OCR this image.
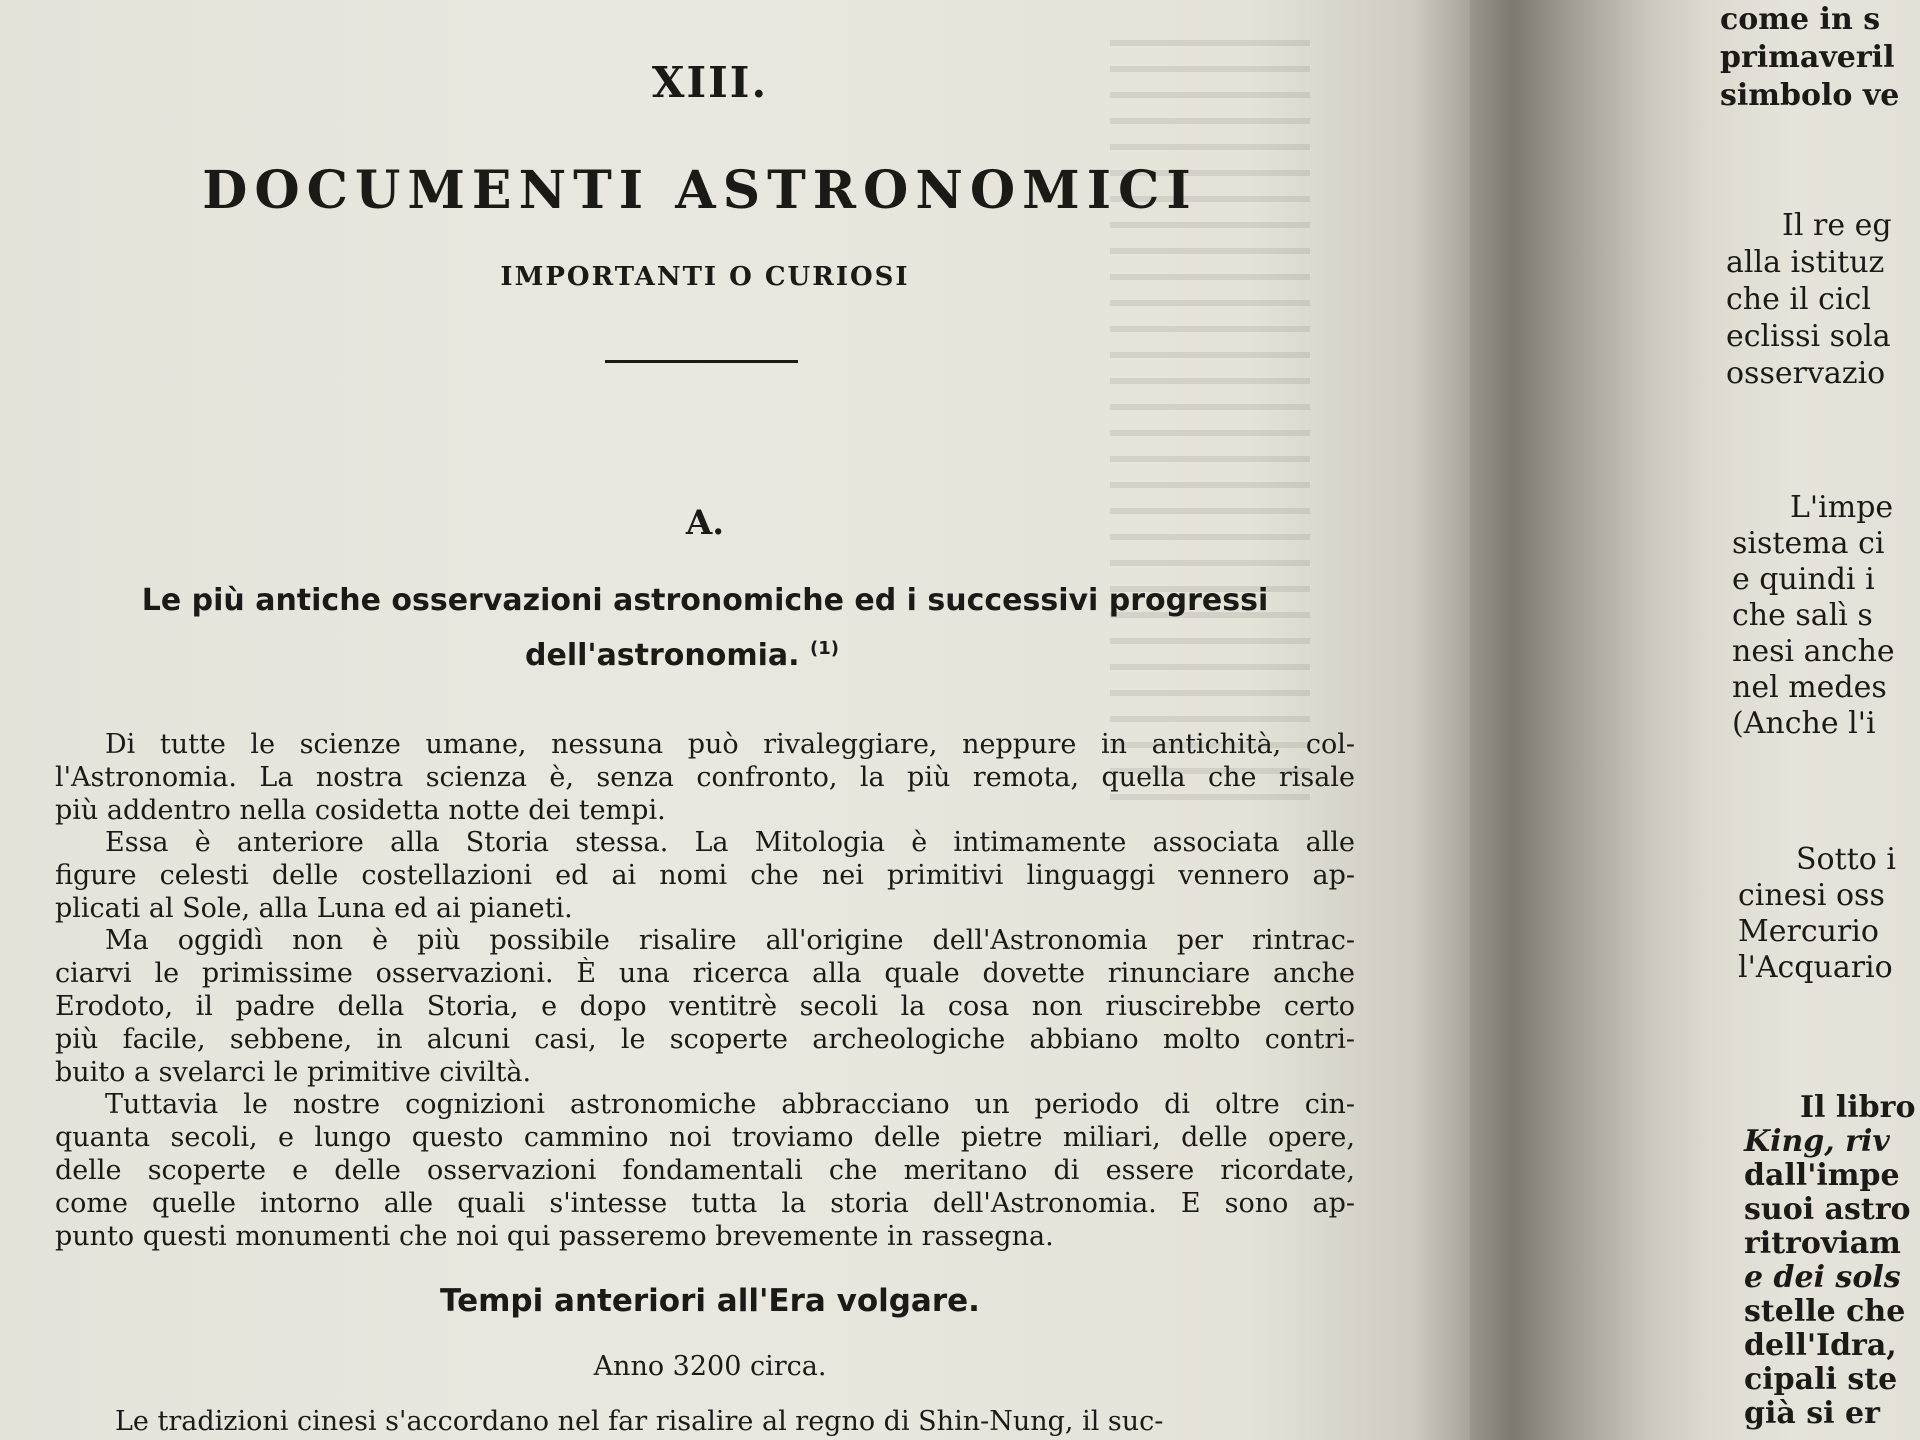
XIII.
DOCUMENTI ASTRONOMICI
IMPORTANTI O CURIOSI
A.
Le più antiche osservazioni astronomiche ed i successivi progressi
dell'astronomia. $^{(1)}$
Di tutte le scienze umane, nessuna può rivaleggiare, neppure in antichità, col-
l'Astronomia. La nostra scienza è, senza confronto, la più remota, quella che risale
più addentro nella cosidetta notte dei tempi.
Essa è anteriore alla Storia stessa. La Mitologia è intimamente associata alle
figure celesti delle costellazioni ed ai nomi che nei primitivi linguaggi vennero ap-
plicati al Sole, alla Luna ed ai pianeti.
Ma oggidì non è più possibile risalire all'origine dell'Astronomia per rintrac-
ciarvi le primissime osservazioni. È una ricerca alla quale dovette rinunciare anche
Erodoto, il padre della Storia, e dopo ventitrè secoli la cosa non riuscirebbe certo
più facile, sebbene, in alcuni casi, le scoperte archeologiche abbiano molto contri-
buito a svelarci le primitive civiltà.
Tuttavia le nostre cognizioni astronomiche abbracciano un periodo di oltre cin-
quanta secoli, e lungo questo cammino noi troviamo delle pietre miliari, delle opere,
delle scoperte e delle osservazioni fondamentali che meritano di essere ricordate,
come quelle intorno alle quali s'intesse tutta la storia dell'Astronomia. E sono ap-
punto questi monumenti che noi qui passeremo brevemente in rassegna.
Tempi anteriori all'Era volgare.
Anno 3200 circa.
Le tradizioni cinesi s'accordano nel far risalire al regno di Shin-Nung, il suc-
come in s
primaveril
simbolo ve
Il re eg
alla istituz
che il cicl
eclissi sola
osservazio
L'impe
sistema ci
e quindi i
che salì s
nesi anche
nel medes
(Anche l'i
Sotto i
cinesi oss
Mercurio
l'Acquario
Il libro
King, riv
dall'impe
suoi astro
ritroviam
e dei sols
stelle che
dell'Idra,
cipali ste
già si er
